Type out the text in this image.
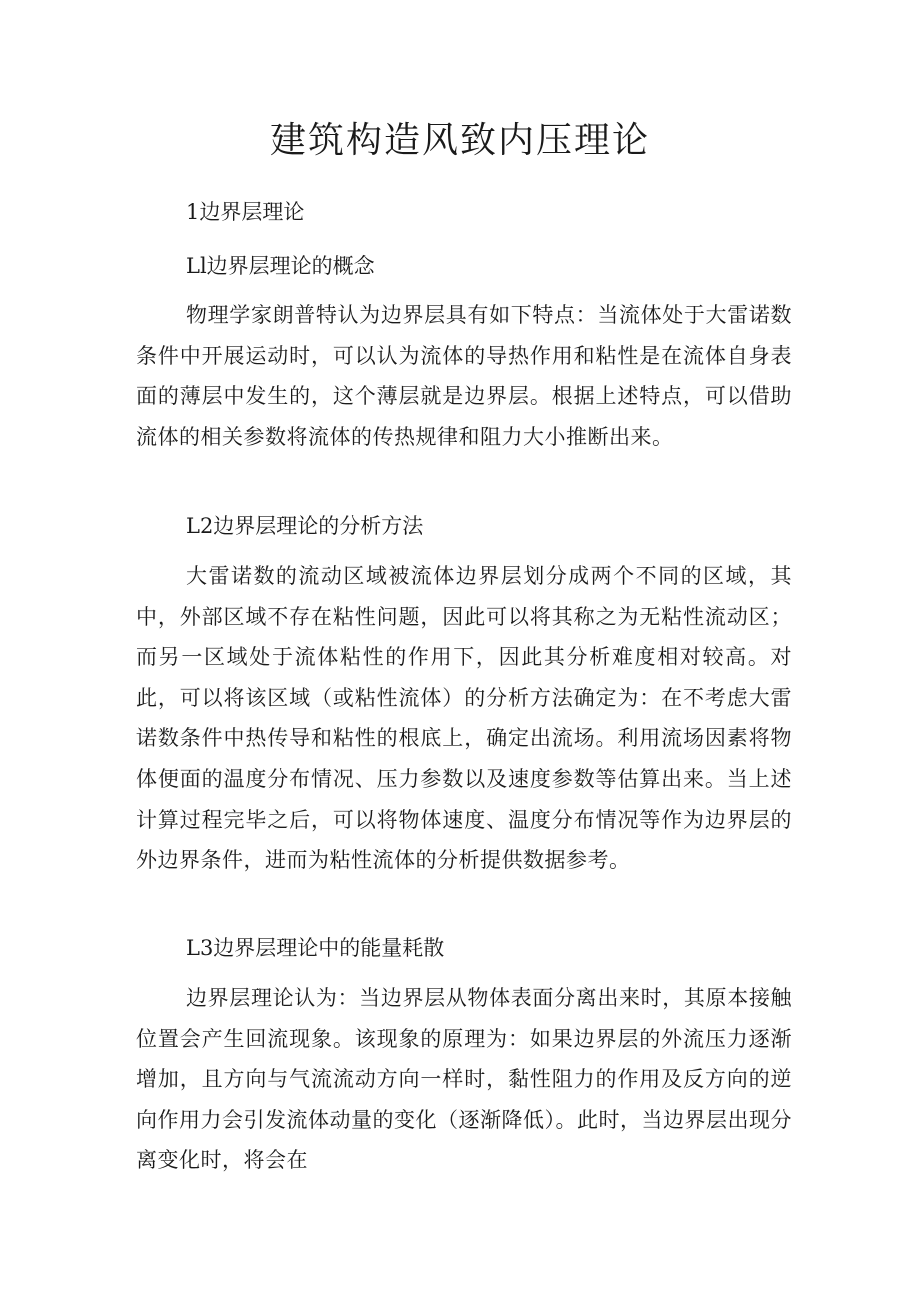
建筑构造风致内压理论
1边界层理论
Ll边界层理论的概念

物理学家朗普特认为边界层具有如下特点：当流体处于大雷诺数条件中开展运动时，可以认为流体的导热作用和粘性是在流体自身表面的薄层中发生的，这个薄层就是边界层。根据上述特点，可以借助流体的相关参数将流体的传热规律和阻力大小推断出来。

L2边界层理论的分析方法

大雷诺数的流动区域被流体边界层划分成两个不同的区域，其中，外部区域不存在粘性问题，因此可以将其称之为无粘性流动区；而另一区域处于流体粘性的作用下，因此其分析难度相对较高。对此，可以将该区域（或粘性流体）的分析方法确定为：在不考虑大雷诺数条件中热传导和粘性的根底上，确定出流场。利用流场因素将物体便面的温度分布情况、压力参数以及速度参数等估算出来。当上述计算过程完毕之后，可以将物体速度、温度分布情况等作为边界层的外边界条件，进而为粘性流体的分析提供数据参考。

L3边界层理论中的能量耗散

边界层理论认为：当边界层从物体表面分离出来时，其原本接触位置会产生回流现象。该现象的原理为：如果边界层的外流压力逐渐增加，且方向与气流流动方向一样时，黏性阻力的作用及反方向的逆向作用力会引发流体动量的变化（逐渐降低）。此时，当边界层出现分离变化时，将会在
